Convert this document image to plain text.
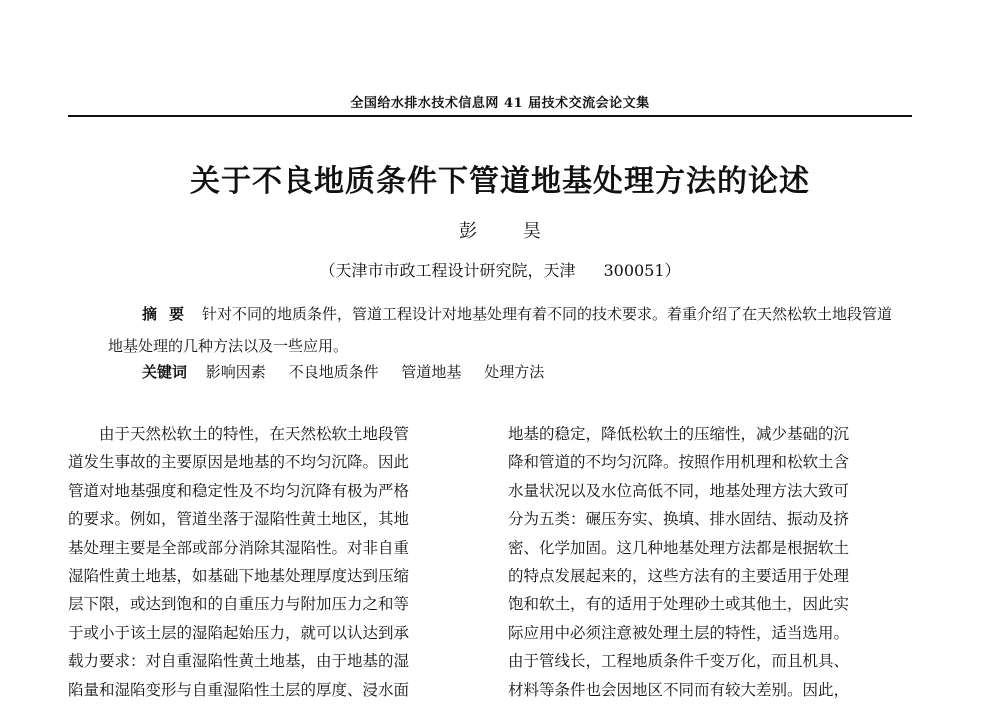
全国给水排水技术信息网 41 届技术交流会论文集
关于不良地质条件下管道地基处理方法的论述
彭 昊
（天津市市政工程设计研究院，天津 300051）
摘要 针对不同的地质条件，管道工程设计对地基处理有着不同的技术要求。着重介绍了在天然松软土地段管道地基处理的几种方法以及一些应用。
关键词 影响因素 不良地质条件 管道地基 处理方法
　　由于天然松软土的特性，在天然松软土地段管
道发生事故的主要原因是地基的不均匀沉降。因此
管道对地基强度和稳定性及不均匀沉降有极为严格
的要求。例如，管道坐落于湿陷性黄土地区，其地
基处理主要是全部或部分消除其湿陷性。对非自重
湿陷性黄土地基，如基础下地基处理厚度达到压缩
层下限，或达到饱和的自重压力与附加压力之和等
于或小于该土层的湿陷起始压力，就可以认达到承
载力要求：对自重湿陷性黄土地基，由于地基的湿
陷量和湿陷变形与自重湿陷性土层的厚度、浸水面
地基的稳定，降低松软土的压缩性，减少基础的沉
降和管道的不均匀沉降。按照作用机理和松软土含
水量状况以及水位高低不同，地基处理方法大致可
分为五类：碾压夯实、换填、排水固结、振动及挤
密、化学加固。这几种地基处理方法都是根据软土
的特点发展起来的，这些方法有的主要适用于处理
饱和软土，有的适用于处理砂土或其他土，因此实
际应用中必须注意被处理土层的特性，适当选用。
由于管线长，工程地质条件千变万化，而且机具、
材料等条件也会因地区不同而有较大差别。因此，
